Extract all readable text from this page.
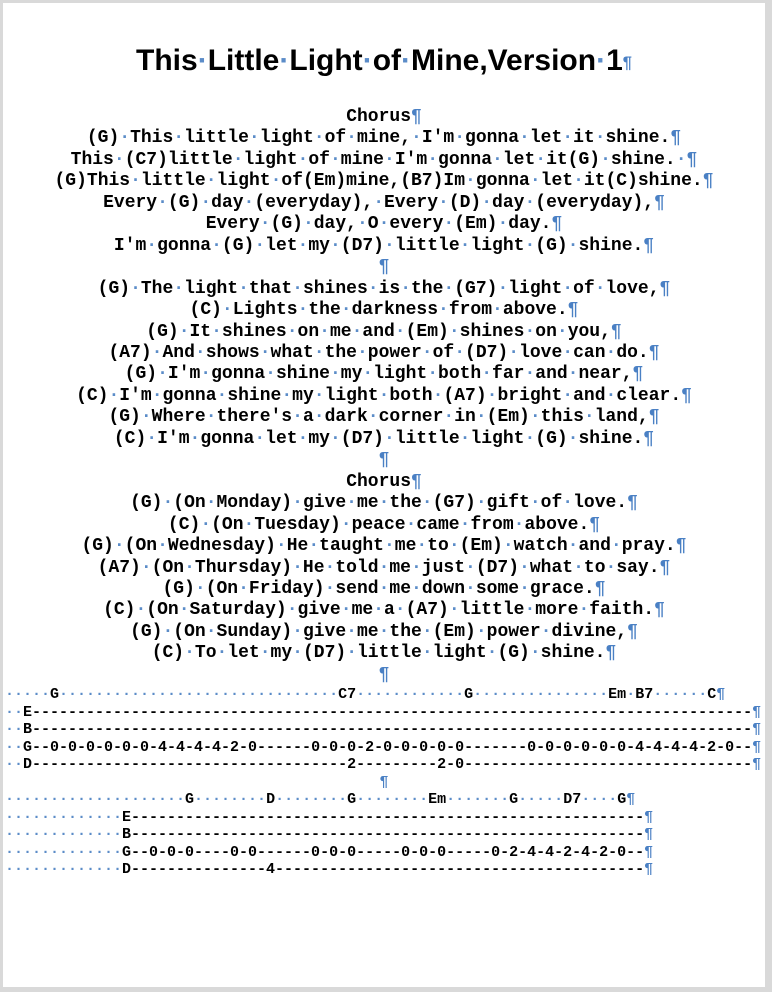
This·Little·Light·of·Mine,Version·1¶
Chorus¶
(G)·This·little·light·of·mine,·I'm·gonna·let·it·shine.¶
This·(C7)little·light·of·mine·I'm·gonna·let·it(G)·shine.·¶
(G)This·little·light·of(Em)mine,(B7)Im·gonna·let·it(C)shine.¶
Every·(G)·day·(everyday),·Every·(D)·day·(everyday),¶
Every·(G)·day,·O·every·(Em)·day.¶
I'm·gonna·(G)·let·my·(D7)·little·light·(G)·shine.¶
¶
(G)·The·light·that·shines·is·the·(G7)·light·of·love,¶
(C)·Lights·the·darkness·from·above.¶
(G)·It·shines·on·me·and·(Em)·shines·on·you,¶
(A7)·And·shows·what·the·power·of·(D7)·love·can·do.¶
(G)·I'm·gonna·shine·my·light·both·far·and·near,¶
(C)·I'm·gonna·shine·my·light·both·(A7)·bright·and·clear.¶
(G)·Where·there's·a·dark·corner·in·(Em)·this·land,¶
(C)·I'm·gonna·let·my·(D7)·little·light·(G)·shine.¶
¶
Chorus¶
(G)·(On·Monday)·give·me·the·(G7)·gift·of·love.¶
(C)·(On·Tuesday)·peace·came·from·above.¶
(G)·(On·Wednesday)·He·taught·me·to·(Em)·watch·and·pray.¶
(A7)·(On·Thursday)·He·told·me·just·(D7)·what·to·say.¶
(G)·(On·Friday)·send·me·down·some·grace.¶
(C)·(On·Saturday)·give·me·a·(A7)·little·more·faith.¶
(G)·(On·Sunday)·give·me·the·(Em)·power·divine,¶
(C)·To·let·my·(D7)·little·light·(G)·shine.¶
¶
·····G·······························C7············G···············Em·B7······C¶
··E--------------------------------------------------------------------------------¶
··B--------------------------------------------------------------------------------¶
··G--0-0-0-0-0-0-4-4-4-4-2-0------0-0-0-2-0-0-0-0-0-------0-0-0-0-0-0-4-4-4-4-2-0--¶
··D-----------------------------------2---------2-0--------------------------------¶
¶
····················G········D········G········Em·······G·····D7····G¶
·············E---------------------------------------------------------¶
·············B---------------------------------------------------------¶
·············G--0-0-0----0-0------0-0-0-----0-0-0-----0-2-4-4-2-4-2-0--¶
·············D---------------4-----------------------------------------¶
